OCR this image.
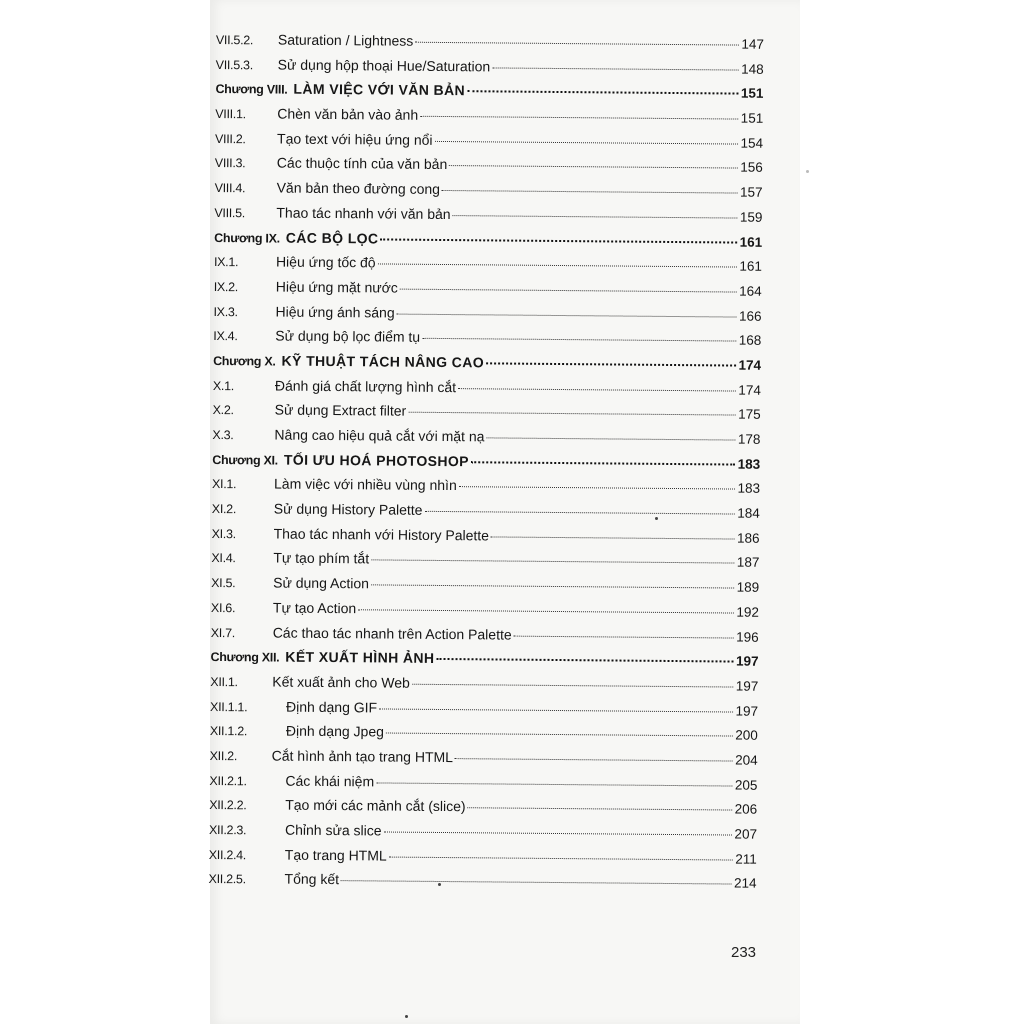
VII.5.2.	Saturation / Lightness	147
VII.5.3.	Sử dụng hộp thoại Hue/Saturation	148
Chương VIII. LÀM VIỆC VỚI VĂN BẢN	151
VIII.1.	Chèn văn bản vào ảnh	151
VIII.2.	Tạo text với hiệu ứng nổi	154
VIII.3.	Các thuộc tính của văn bản	156
VIII.4.	Văn bản theo đường cong	157
VIII.5.	Thao tác nhanh với văn bản	159
Chương IX. CÁC BỘ LỌC	161
IX.1.	Hiệu ứng tốc độ	161
IX.2.	Hiệu ứng mặt nước	164
IX.3.	Hiệu ứng ánh sáng	166
IX.4.	Sử dụng bộ lọc điểm tụ	168
Chương X. KỸ THUẬT TÁCH NÂNG CAO	174
X.1.	Đánh giá chất lượng hình cắt	174
X.2.	Sử dụng Extract filter	175
X.3.	Nâng cao hiệu quả cắt với mặt nạ	178
Chương XI. TỐI ƯU HOÁ PHOTOSHOP	183
XI.1.	Làm việc với nhiều vùng nhìn	183
XI.2.	Sử dụng History Palette	184
XI.3.	Thao tác nhanh với History Palette	186
XI.4.	Tự tạo phím tắt	187
XI.5.	Sử dụng Action	189
XI.6.	Tự tạo Action	192
XI.7.	Các thao tác nhanh trên Action Palette	196
Chương XII. KẾT XUẤT HÌNH ẢNH	197
XII.1.	Kết xuất ảnh cho Web	197
XII.1.1.	Định dạng GIF	197
XII.1.2.	Định dạng Jpeg	200
XII.2.	Cắt hình ảnh tạo trang HTML	204
XII.2.1.	Các khái niệm	205
XII.2.2.	Tạo mới các mảnh cắt (slice)	206
XII.2.3.	Chỉnh sửa slice	207
XII.2.4.	Tạo trang HTML	211
XII.2.5.	Tổng kết	214
233
